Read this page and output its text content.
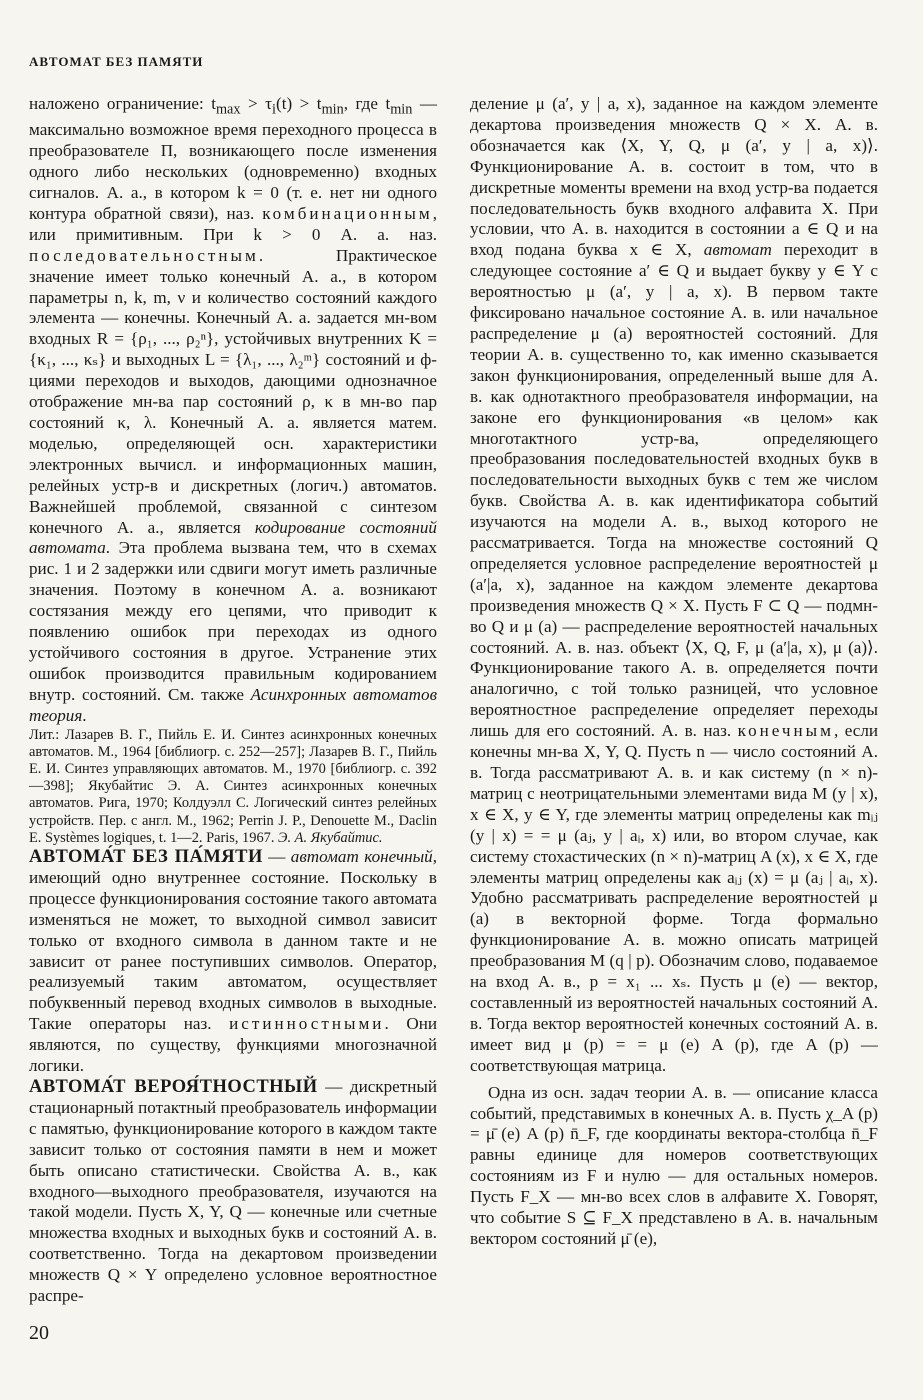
АВТОМАТ БЕЗ ПАМЯТИ

наложено ограничение: $t_{max} > \tau_i(t) > t_{min}$, где $t_{min}$ — максимально возможное время переходного процесса в преобразователе П, возникающего после изменения одного либо нескольких (одновременно) входных сигналов. А. а., в котором k = 0 (т. е. нет ни одного контура обратной связи), наз. комбинационным, или примитивным. При k > 0 А. а. наз. последовательностным. Практическое значение имеет только конечный А. а., в котором параметры n, k, m, ν и количество состояний каждого элемента — конечны. Конечный А. а. задается мн-вом входных R = {ρ₁, ..., ρ₂ⁿ}, устойчивых внутренних K = {κ₁, ..., κₛ} и выходных L = {λ₁, ..., λ₂ᵐ} состояний и ф-циями переходов и выходов, дающими однозначное отображение мн-ва пар состояний ρ, κ в мн-во пар состояний κ, λ. Конечный А. а. является матем. моделью, определяющей осн. характеристики электронных вычисл. и информационных машин, релейных устр-в и дискретных (логич.) автоматов. Важнейшей проблемой, связанной с синтезом конечного А. а., является кодирование состояний автомата. Эта проблема вызвана тем, что в схемах рис. 1 и 2 задержки или сдвиги могут иметь различные значения. Поэтому в конечном А. а. возникают состязания между его цепями, что приводит к появлению ошибок при переходах из одного устойчивого состояния в другое. Устранение этих ошибок производится правильным кодированием внутр. состояний. См. также Асинхронных автоматов теория.

Лит.: Лазарев В. Г., Пийль Е. И. Синтез асинхронных конечных автоматов. М., 1964 [библиогр. с. 252—257]; Лазарев В. Г., Пийль Е. И. Синтез управляющих автоматов. М., 1970 [библиогр. с. 392—398]; Якубайтис Э. А. Синтез асинхронных конечных автоматов. Рига, 1970; Колдуэлл С. Логический синтез релейных устройств. Пер. с англ. М., 1962; Perrin J. P., Denouette M., Daclin E. Systèmes logiques, t. 1—2. Paris, 1967. Э. А. Якубайтис.

АВТОМА́Т БЕЗ ПА́МЯТИ — автомат конечный, имеющий одно внутреннее состояние. Поскольку в процессе функционирования состояние такого автомата изменяться не может, то выходной символ зависит только от входного символа в данном такте и не зависит от ранее поступивших символов. Оператор, реализуемый таким автоматом, осуществляет побуквенный перевод входных символов в выходные. Такие операторы наз. истинностными. Они являются, по существу, функциями многозначной логики.

АВТОМА́Т ВЕРОЯ́ТНОСТНЫЙ — дискретный стационарный потактный преобразователь информации с памятью, функционирование которого в каждом такте зависит только от состояния памяти в нем и может быть описано статистически. Свойства А. в., как входного—выходного преобразователя, изучаются на такой модели. Пусть X, Y, Q — конечные или счетные множества входных и выходных букв и состояний А. в. соответственно. Тогда на декартовом произведении множеств Q × Y определено условное вероятностное распре-

деление μ (a′, y | a, x), заданное на каждом элементе декартова произведения множеств Q × X. А. в. обозначается как ⟨X, Y, Q, μ (a′, y | a, x)⟩. Функционирование А. в. состоит в том, что в дискретные моменты времени на вход устр-ва подается последовательность букв входного алфавита X. При условии, что А. в. находится в состоянии a ∈ Q и на вход подана буква x ∈ X, автомат переходит в следующее состояние a′ ∈ Q и выдает букву y ∈ Y с вероятностью μ (a′, y | a, x). В первом такте фиксировано начальное состояние А. в. или начальное распределение μ (a) вероятностей состояний. Для теории А. в. существенно то, как именно сказывается закон функционирования, определенный выше для А. в. как однотактного преобразователя информации, на законе его функционирования «в целом» как многотактного устр-ва, определяющего преобразования последовательностей входных букв в последовательности выходных букв с тем же числом букв. Свойства А. в. как идентификатора событий изучаются на модели А. в., выход которого не рассматривается. Тогда на множестве состояний Q определяется условное распределение вероятностей μ (a′|a, x), заданное на каждом элементе декартова произведения множеств Q × X. Пусть F ⊂ Q — подмн-во Q и μ (a) — распределение вероятностей начальных состояний. А. в. наз. объект ⟨X, Q, F, μ (a′|a, x), μ (a)⟩. Функционирование такого А. в. определяется почти аналогично, с той только разницей, что условное вероятностное распределение определяет переходы лишь для его состояний. А. в. наз. конечным, если конечны мн-ва X, Y, Q. Пусть n — число состояний А. в. Тогда рассматривают А. в. и как систему (n × n)-матриц с неотрицательными элементами вида M (y | x), x ∈ X, y ∈ Y, где элементы матриц определены как mᵢⱼ (y | x) = = μ (aⱼ, y | aᵢ, x) или, во втором случае, как систему стохастических (n × n)-матриц A (x), x ∈ X, где элементы матриц определены как aᵢⱼ (x) = μ (aⱼ | aᵢ, x). Удобно рассматривать распределение вероятностей μ (a) в векторной форме. Тогда формально функционирование А. в. можно описать матрицей преобразования M (q | p). Обозначим слово, подаваемое на вход А. в., p = x₁ ... xₛ. Пусть μ (e) — вектор, составленный из вероятностей начальных состояний А. в. Тогда вектор вероятностей конечных состояний А. в. имеет вид μ (p) = = μ (e) A (p), где A (p) — соответствующая матрица.

Одна из осн. задач теории А. в. — описание класса событий, представимых в конечных А. в. Пусть χ_A (p) = μ̄ (e) A (p) n̄_F, где координаты вектора-столбца n̄_F равны единице для номеров соответствующих состояниям из F и нулю — для остальных номеров. Пусть F_X — мн-во всех слов в алфавите X. Говорят, что событие S ⊆ F_X представлено в А. в. начальным вектором состояний μ̄ (e),

20
